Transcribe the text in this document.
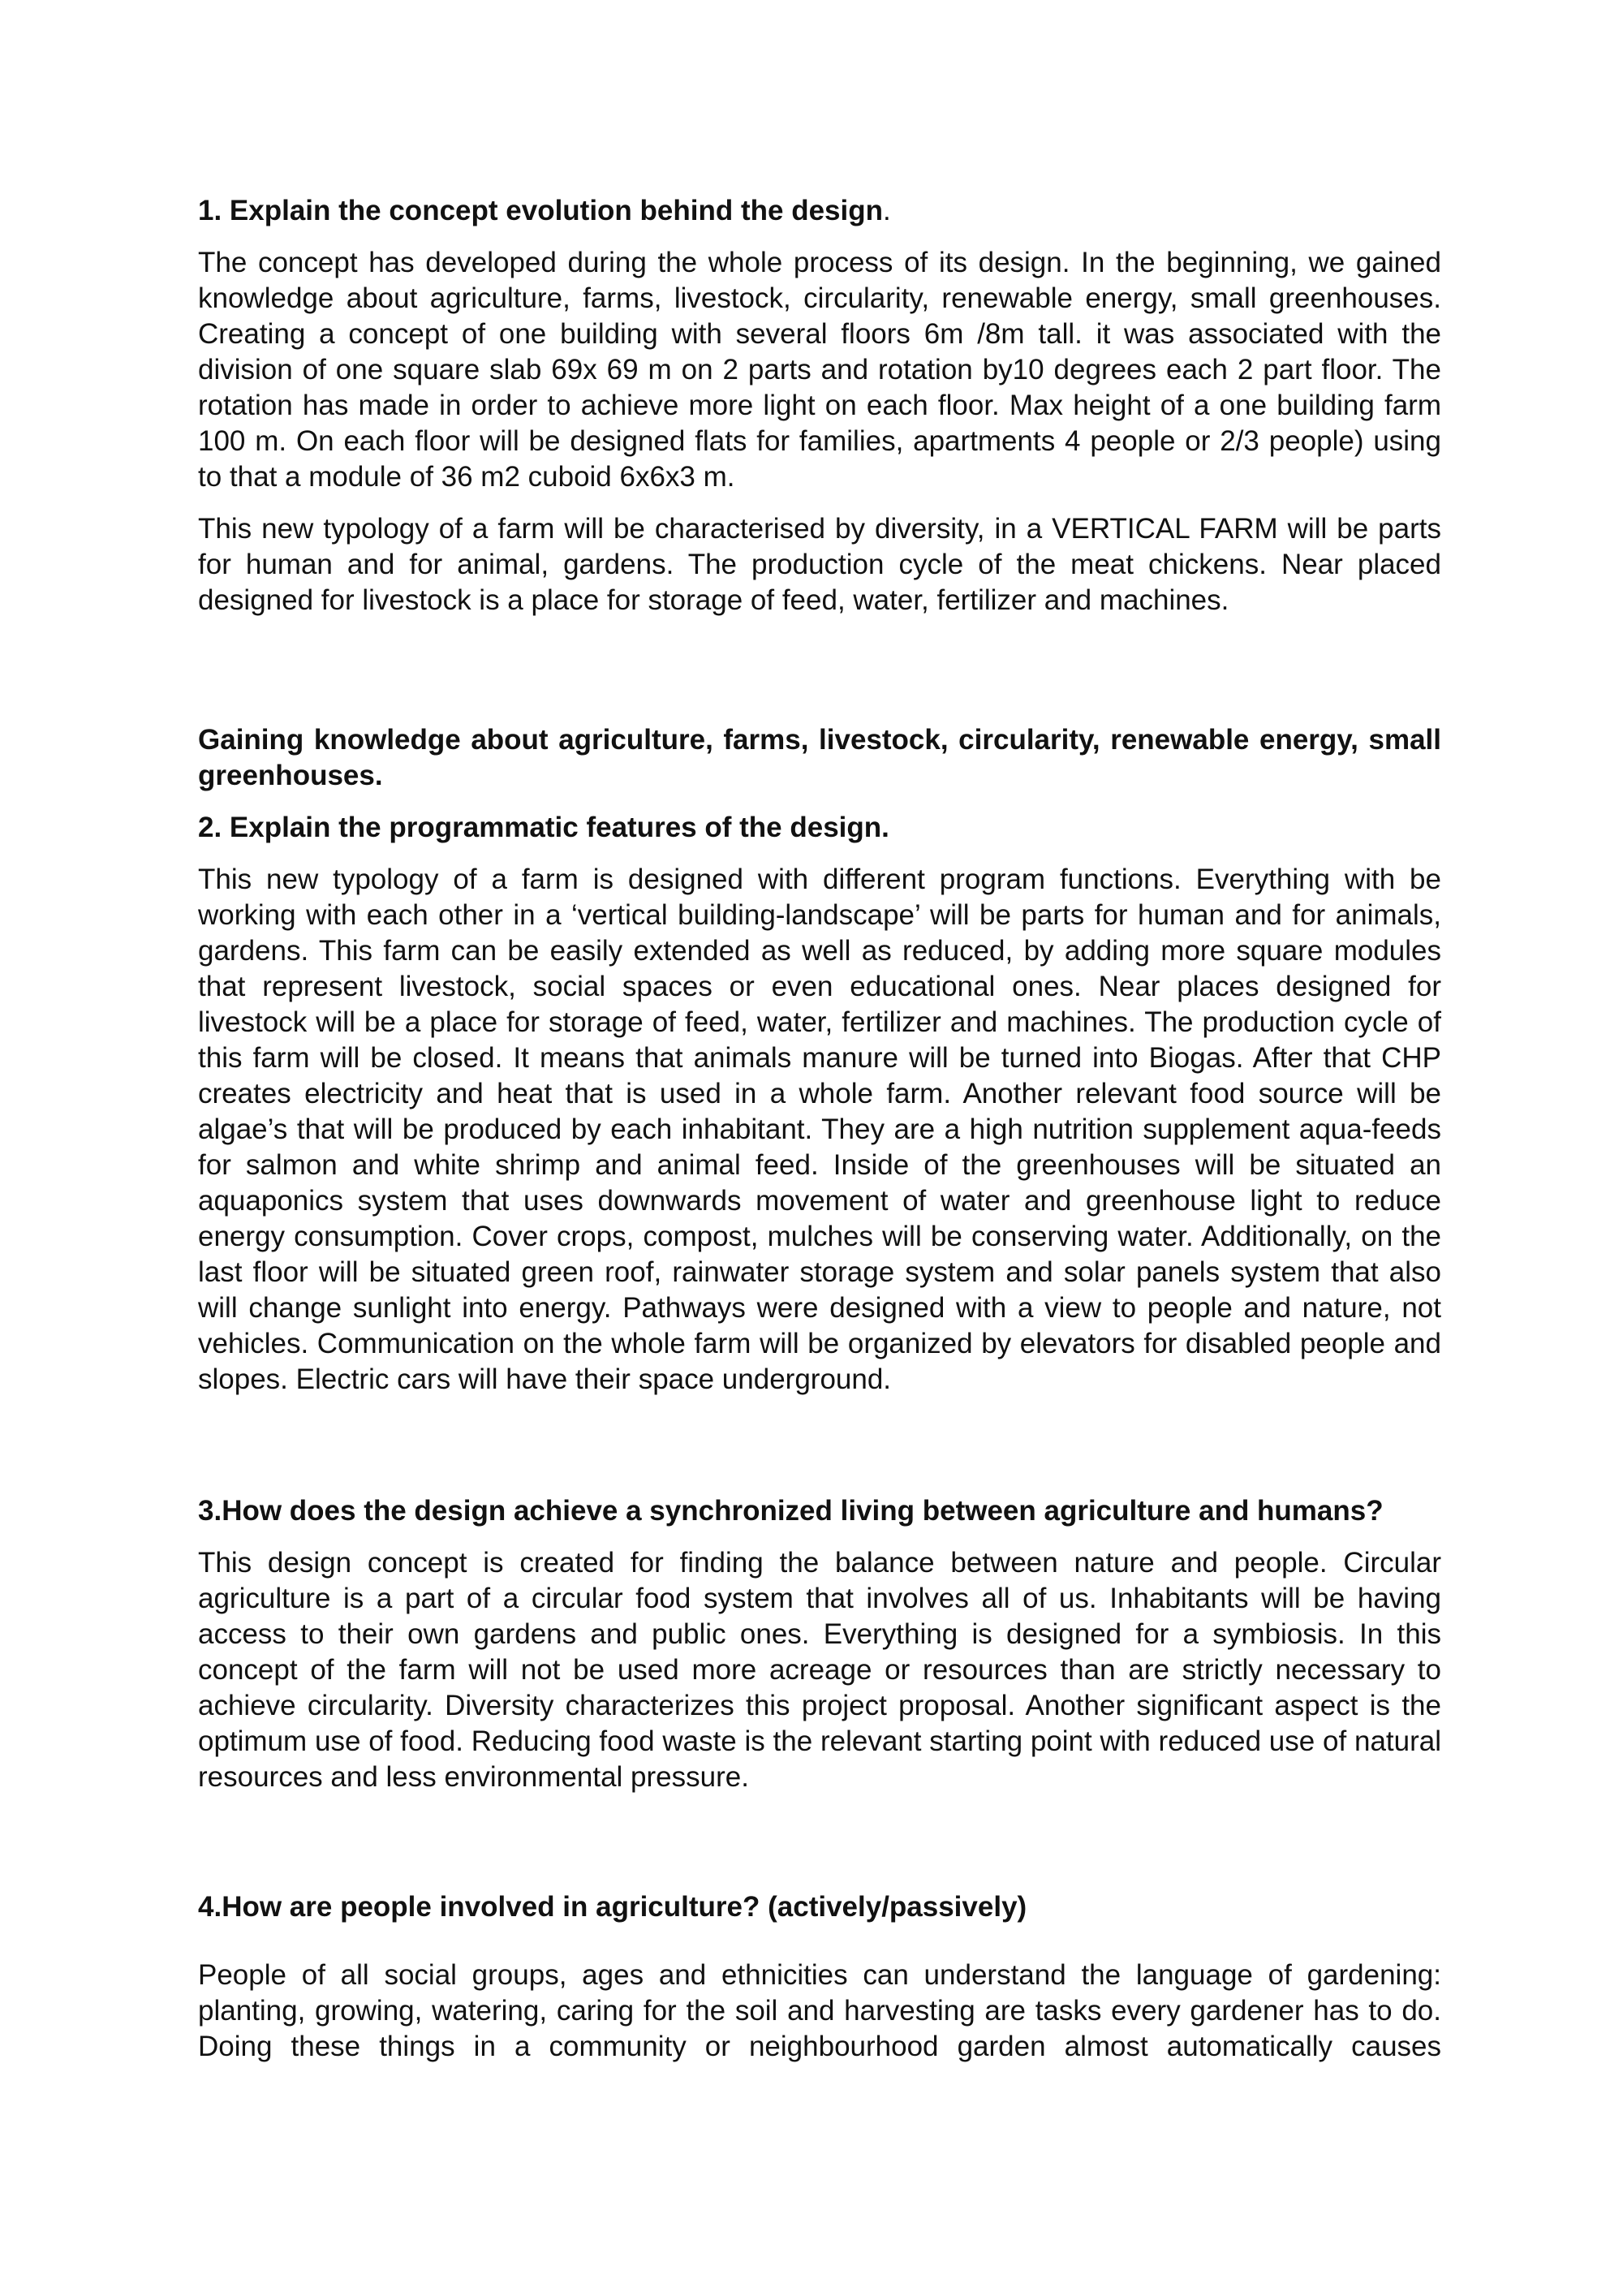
1. Explain the concept evolution behind the design.

The concept has developed during the whole process of its design. In the beginning, we gained knowledge about agriculture, farms, livestock, circularity, renewable energy, small greenhouses. Creating a concept of one building with several floors 6m /8m tall. it was associated with the division of one square slab 69x 69 m on 2 parts and rotation by10 degrees each 2 part floor. The rotation has made in order to achieve more light on each floor. Max height of a one building farm 100 m. On each floor will be designed flats for families, apartments 4 people or 2/3 people) using to that a module of 36 m2 cuboid 6x6x3 m.

This new typology of a farm will be characterised by diversity, in a VERTICAL FARM will be parts for human and for animal, gardens. The production cycle of the meat chickens. Near placed designed for livestock is a place for storage of feed, water, fertilizer and machines.

Gaining knowledge about agriculture, farms, livestock, circularity, renewable energy, small greenhouses.

2. Explain the programmatic features of the design.

This new typology of a farm is designed with different program functions. Everything with be working with each other in a ‘vertical building-landscape’ will be parts for human and for animals, gardens. This farm can be easily extended as well as reduced, by adding more square modules that represent livestock, social spaces or even educational ones. Near places designed for livestock will be a place for storage of feed, water, fertilizer and machines. The production cycle of this farm will be closed. It means that animals manure will be turned into Biogas. After that CHP creates electricity and heat that is used in a whole farm. Another relevant food source will be algae’s that will be produced by each inhabitant. They are a high nutrition supplement aqua-feeds for salmon and white shrimp and animal feed. Inside of the greenhouses will be situated an aquaponics system that uses downwards movement of water and greenhouse light to reduce energy consumption. Cover crops, compost, mulches will be conserving water. Additionally, on the last floor will be situated green roof, rainwater storage system and solar panels system that also will change sunlight into energy. Pathways were designed with a view to people and nature, not vehicles. Communication on the whole farm will be organized by elevators for disabled people and slopes. Electric cars will have their space underground.

3.How does the design achieve a synchronized living between agriculture and humans?

This design concept is created for finding the balance between nature and people. Circular agriculture is a part of a circular food system that involves all of us. Inhabitants will be having access to their own gardens and public ones. Everything is designed for a symbiosis. In this concept of the farm will not be used more acreage or resources than are strictly necessary to achieve circularity. Diversity characterizes this project proposal. Another significant aspect is the optimum use of food. Reducing food waste is the relevant starting point with reduced use of natural resources and less environmental pressure.

4.How are people involved in agriculture? (actively/passively)

People of all social groups, ages and ethnicities can understand the language of gardening: planting, growing, watering, caring for the soil and harvesting are tasks every gardener has to do. Doing these things in a community or neighbourhood garden almost automatically causes
